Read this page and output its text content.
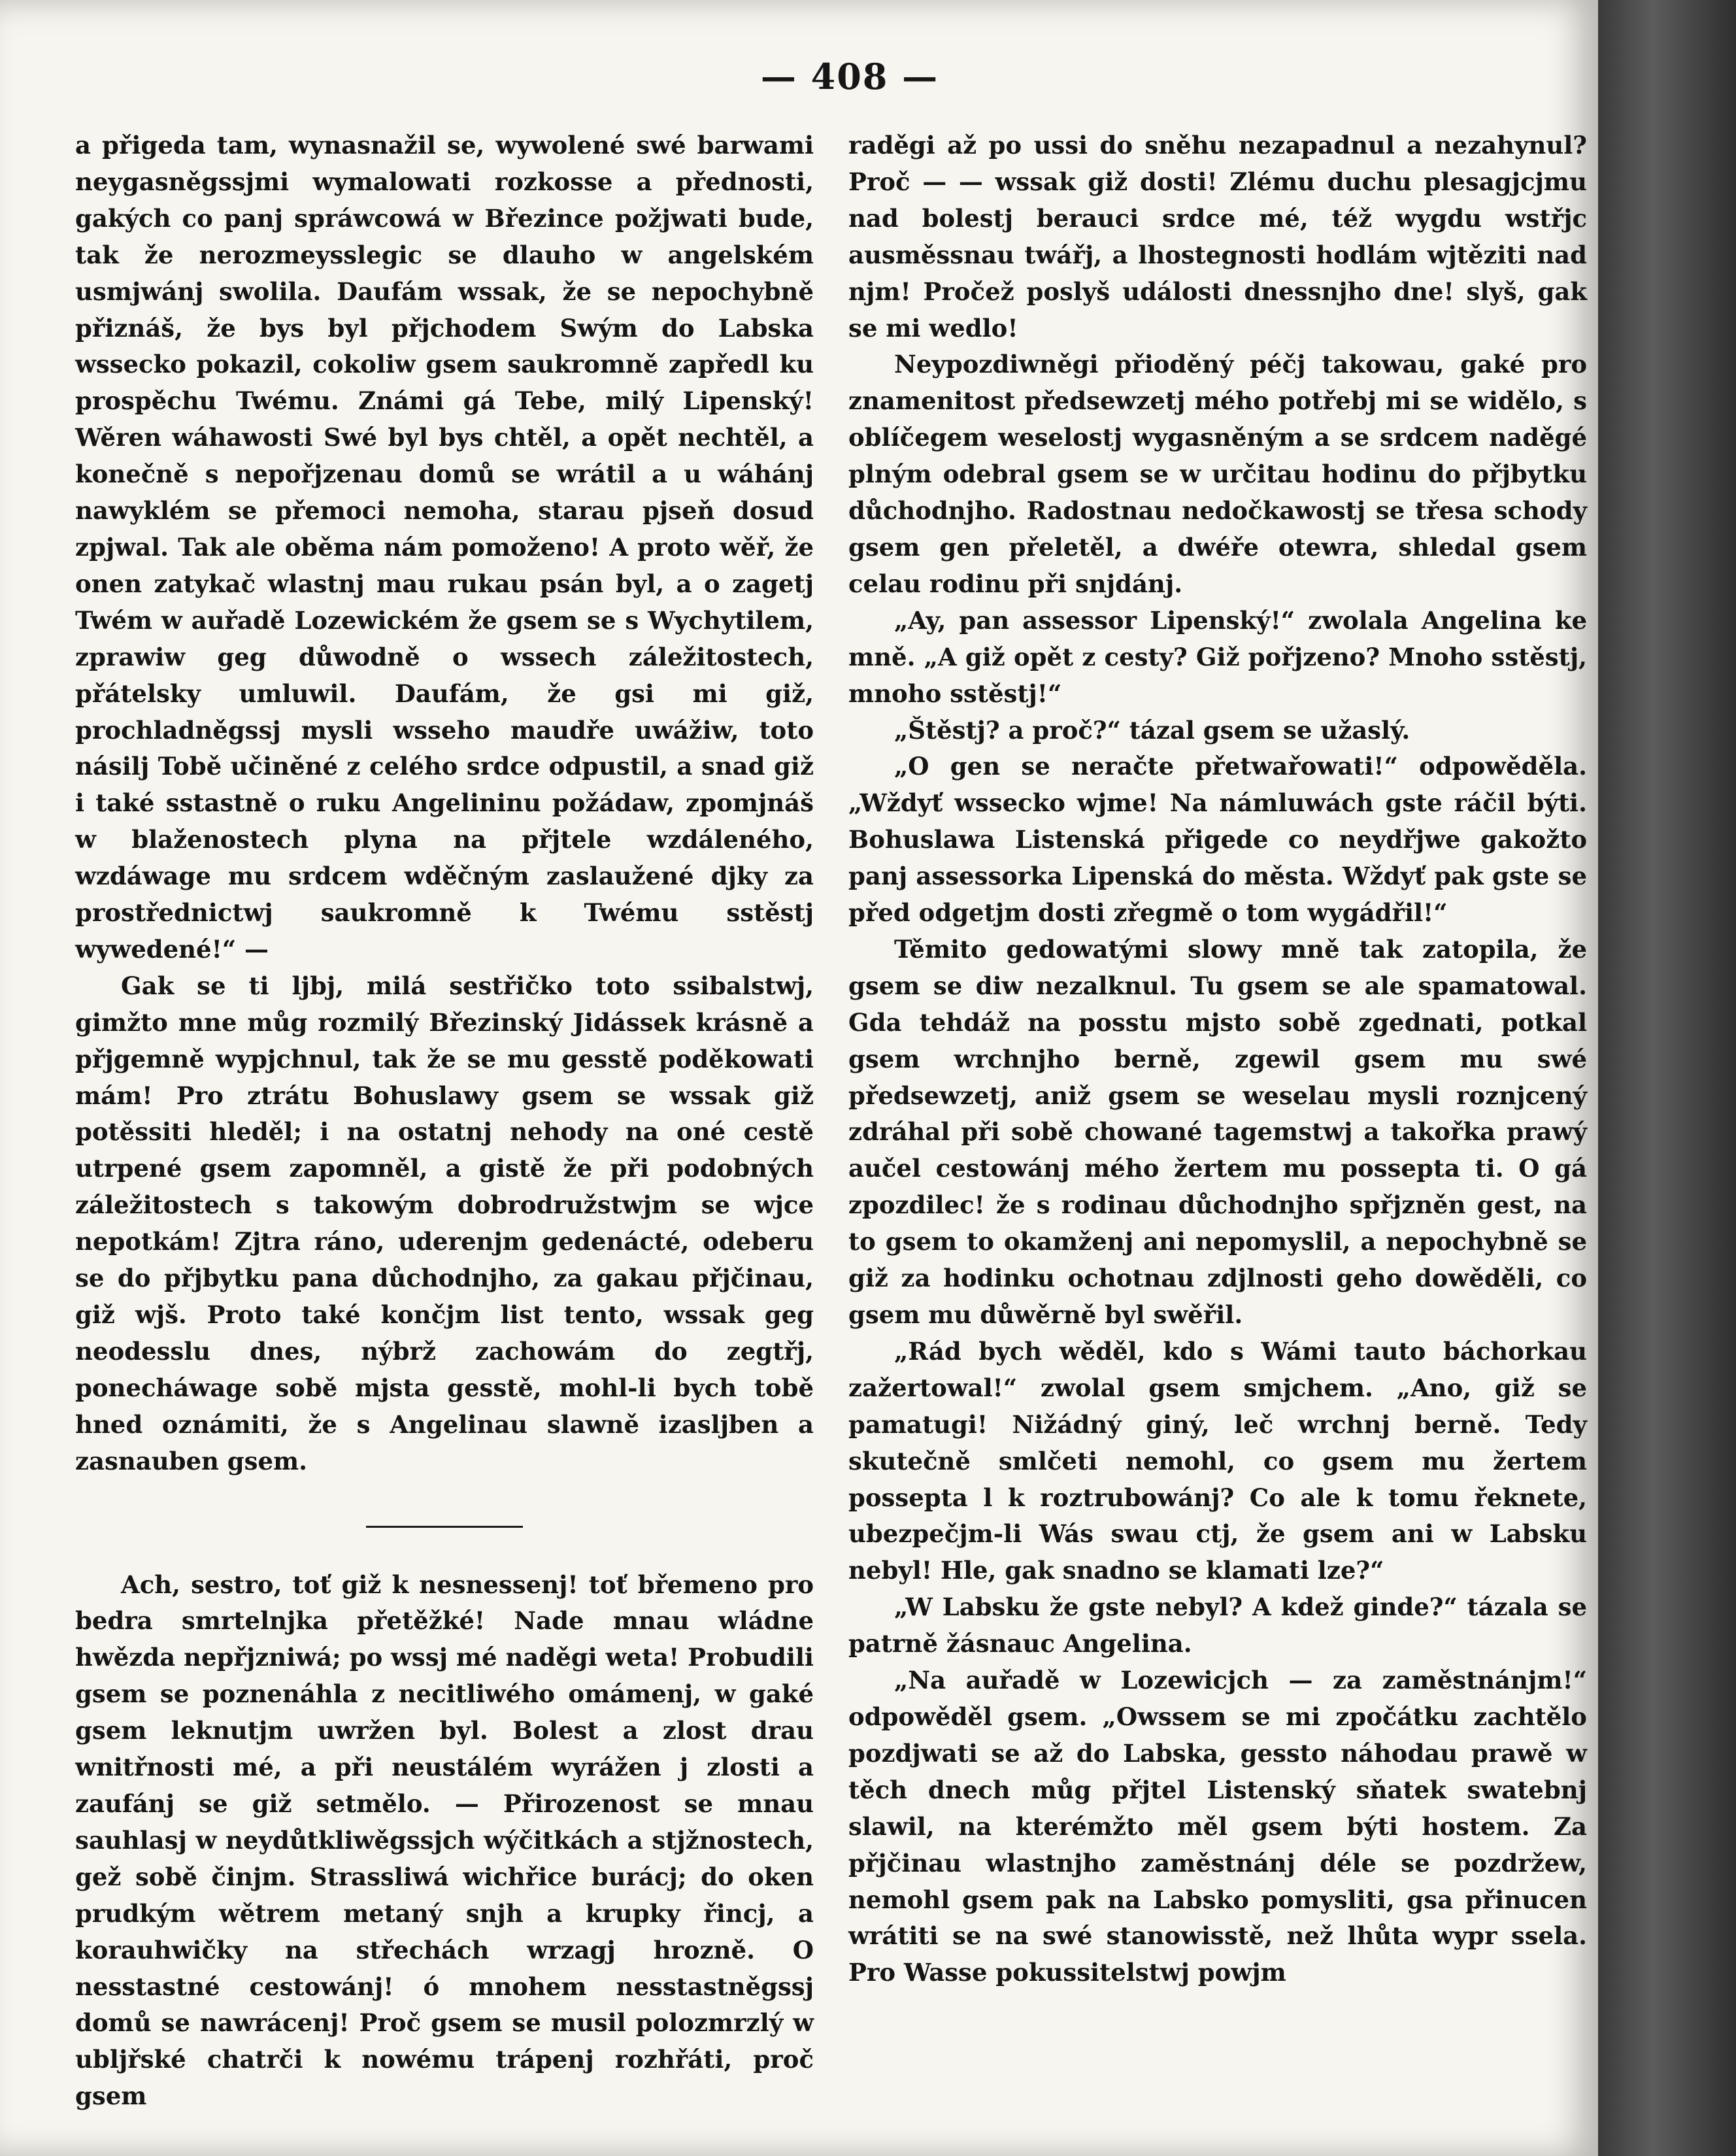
— 408 —

a přigeda tam, wynasnažil se, wywolené swé barwami neygasněgssjmi wymalowati rozkosse a přednosti, gakých co panj spráwcowá w Březince požjwati bude, tak že nerozmeysslegic se dlauho w angelském usmjwánj swolila. Daufám wssak, že se nepochybně přiznáš, že bys byl přjchodem Swým do Labska wssecko pokazil, cokoliw gsem saukromně zapředl ku prospěchu Twému. Známi gá Tebe, milý Lipenský! Wěren wáhawosti Swé byl bys chtěl, a opět nechtěl, a konečně s nepořjzenau domů se wrátil a u wáhánj nawyklém se přemoci nemoha, starau pjseň dosud zpjwal. Tak ale oběma nám pomoženo! A proto wěř, že onen zatykač wlastnj mau rukau psán byl, a o zagetj Twém w auřadě Lozewickém že gsem se s Wychytilem, zprawiw geg důwodně o wssech záležitostech, přátelsky umluwil. Daufám, že gsi mi giž, prochladněgssj mysli wsseho maudře uwážiw, toto násilj Tobě učiněné z celého srdce odpustil, a snad giž i také sstastně o ruku Angelininu požádaw, zpomjnáš w blaženostech plyna na přjtele wzdáleného, wzdáwage mu srdcem wděčným zaslaužené djky za prostřednictwj saukromně k Twému sstěstj wywedené!“ —

Gak se ti ljbj, milá sestřičko toto ssibalstwj, gimžto mne můg rozmilý Březinský Jidássek krásně a přjgemně wypjchnul, tak že se mu gesstě poděkowati mám! Pro ztrátu Bohuslawy gsem se wssak giž potěssiti hleděl; i na ostatnj nehody na oné cestě utrpené gsem zapomněl, a gistě že při podobných záležitostech s takowým dobrodružstwjm se wjce nepotkám! Zjtra ráno, uderenjm gedenácté, odeberu se do přjbytku pana důchodnjho, za gakau přjčinau, giž wjš. Proto také končjm list tento, wssak geg neodesslu dnes, nýbrž zachowám do zegtřj, ponecháwage sobě mjsta gesstě, mohl-li bych tobě hned oznámiti, že s Angelinau slawně izasljben a zasnauben gsem.

Ach, sestro, toť giž k nesnessenj! toť břemeno pro bedra smrtelnjka přetěžké! Nade mnau wládne hwězda nepřjzniwá; po wssj mé naděgi weta! Probudili gsem se poznenáhla z necitliwého omámenj, w gaké gsem leknutjm uwržen byl. Bolest a zlost drau wnitřnosti mé, a při neustálém wyrážen j zlosti a zaufánj se giž setmělo. — Přirozenost se mnau sauhlasj w neydůtkliwěgssjch wýčitkách a stjžnostech, gež sobě činjm. Strassliwá wichřice burácj; do oken prudkým wětrem metaný snjh a krupky řincj, a korauhwičky na střechách wrzagj hrozně. O nesstastné cestowánj! ó mnohem nesstastněgssj domů se nawrácenj! Proč gsem se musil polozmrzlý w ubljřské chatrči k nowému trápenj rozhřáti, proč gsem

raděgi až po ussi do sněhu nezapadnul a nezahynul? Proč — — wssak giž dosti! Zlému duchu plesagjcjmu nad bolestj berauci srdce mé, též wygdu wstřjc ausměssnau twářj, a lhostegnosti hodlám wjtěziti nad njm! Pročež poslyš události dnessnjho dne! slyš, gak se mi wedlo!

Neypozdiwněgi přioděný péčj takowau, gaké pro znamenitost předsewzetj mého potřebj mi se widělo, s oblíčegem weselostj wygasněným a se srdcem naděgé plným odebral gsem se w určitau hodinu do přjbytku důchodnjho. Radostnau nedočkawostj se třesa schody gsem gen přeletěl, a dwéře otewra, shledal gsem celau rodinu při snjdánj.

„Ay, pan assessor Lipenský!“ zwolala Angelina ke mně. „A giž opět z cesty? Giž pořjzeno? Mnoho sstěstj, mnoho sstěstj!“

„Štěstj? a proč?“ tázal gsem se užaslý.

„O gen se neračte přetwařowati!“ odpowěděla. „Wždyť wssecko wjme! Na námluwách gste ráčil býti. Bohuslawa Listenská přigede co neydřjwe gakožto panj assessorka Lipenská do města. Wždyť pak gste se před odgetjm dosti zřegmě o tom wygádřil!“

Těmito gedowatými slowy mně tak zatopila, že gsem se diw nezalknul. Tu gsem se ale spamatowal. Gda tehdáž na posstu mjsto sobě zgednati, potkal gsem wrchnjho berně, zgewil gsem mu swé předsewzetj, aniž gsem se weselau mysli roznjcený zdráhal při sobě chowané tagemstwj a takořka prawý aučel cestowánj mého žertem mu possepta ti. O gá zpozdilec! že s rodinau důchodnjho spřjzněn gest, na to gsem to okamženj ani nepomyslil, a nepochybně se giž za hodinku ochotnau zdjlnosti geho dowěděli, co gsem mu důwěrně byl swěřil.

„Rád bych wěděl, kdo s Wámi tauto báchorkau zažertowal!“ zwolal gsem smjchem. „Ano, giž se pamatugi! Nižádný giný, leč wrchnj berně. Tedy skutečně smlčeti nemohl, co gsem mu žertem possepta l k roztrubowánj? Co ale k tomu řeknete, ubezpečjm-li Wás swau ctj, že gsem ani w Labsku nebyl! Hle, gak snadno se klamati lze?“

„W Labsku že gste nebyl? A kdež ginde?“ tázala se patrně žásnauc Angelina.

„Na auřadě w Lozewicjch — za zaměstnánjm!“ odpowěděl gsem. „Owssem se mi zpočátku zachtělo pozdjwati se až do Labska, gessto náhodau prawě w těch dnech můg přjtel Listenský sňatek swatebnj slawil, na kterémžto měl gsem býti hostem. Za přjčinau wlastnjho zaměstnánj déle se pozdržew, nemohl gsem pak na Labsko pomysliti, gsa přinucen wrátiti se na swé stanowisstě, než lhůta wypr ssela. Pro Wasse pokussitelstwj powjm
